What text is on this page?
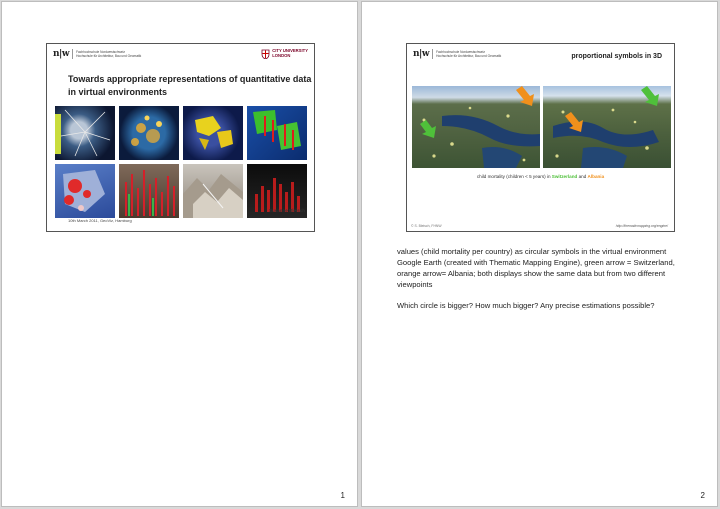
n|w	Fachhochschule Nordwestschweiz
Hochschule für Architektur, Bau und Geomatik
CITY UNIVERSITY
LONDON
Towards appropriate representations of quantitative data
in virtual environments
Susanne Bleisch
10th March 2011, GeoViz, Hamburg
1
n|w	Fachhochschule Nordwestschweiz
Hochschule für Architektur, Bau und Geomatik	proportional symbols in 3D
child mortality (children < 5 years) in Switzerland and Albania
© S. Bleisch, FHNW	http://thematicmapping.org/engine/
values (child mortality per country) as circular symbols in the virtual environment Google Earth (created with Thematic Mapping Engine), green arrow = Switzerland, orange arrow= Albania; both displays show the same data but from two different viewpoints
Which circle is bigger? How much bigger? Any precise estimations possible?
2
